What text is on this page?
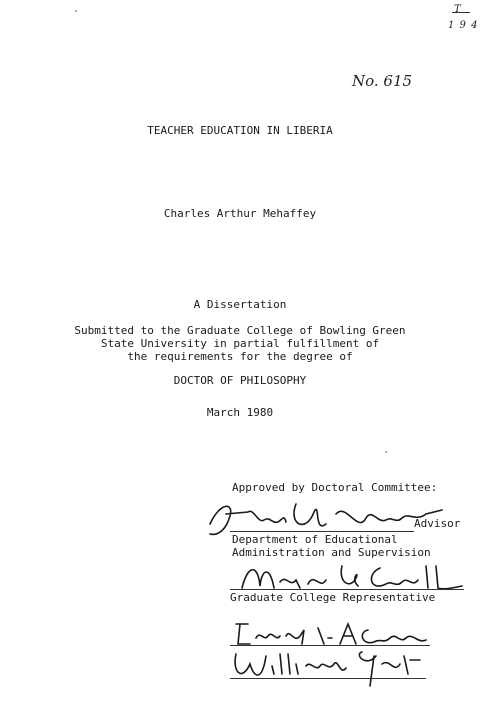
T
1 9 4
No. 615
TEACHER EDUCATION IN LIBERIA
Charles Arthur Mehaffey
A Dissertation
Submitted to the Graduate College of Bowling Green
State University in partial fulfillment of
the requirements for the degree of
DOCTOR OF PHILOSOPHY
March 1980
Approved by Doctoral Committee:
Advisor
Department of Educational
Administration and Supervision
Graduate College Representative
